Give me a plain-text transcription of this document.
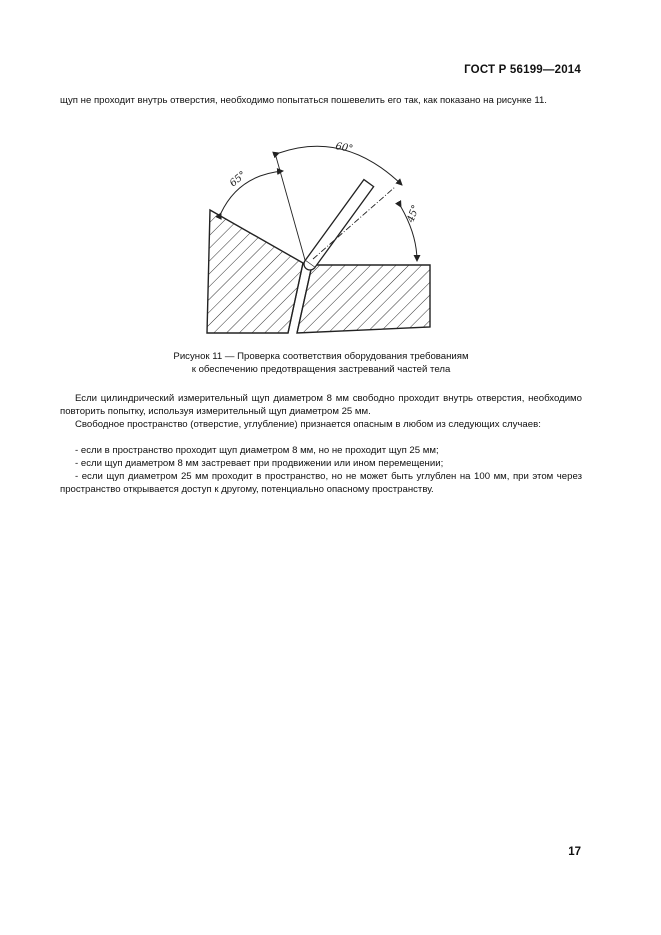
ГОСТ Р 56199—2014
щуп не проходит внутрь отверстия, необходимо попытаться пошевелить его так, как показано на рисунке 11.
65°
60°
45°
Рисунок 11 — Проверка соответствия оборудования требованиям
к обеспечению предотвращения застреваний частей тела
Если цилиндрический измерительный щуп диаметром 8 мм свободно проходит внутрь отверстия, необходимо повторить попытку, используя измерительный щуп диаметром 25 мм.
Свободное пространство (отверстие, углубление) признается опасным в любом из следующих случаев:
- если в пространство проходит щуп диаметром 8 мм, но не проходит щуп 25 мм;
- если щуп диаметром 8 мм застревает при продвижении или ином перемещении;
- если щуп диаметром 25 мм проходит в пространство, но не может быть углублен на 100 мм, при этом через пространство открывается доступ к другому, потенциально опасному пространству.
17
